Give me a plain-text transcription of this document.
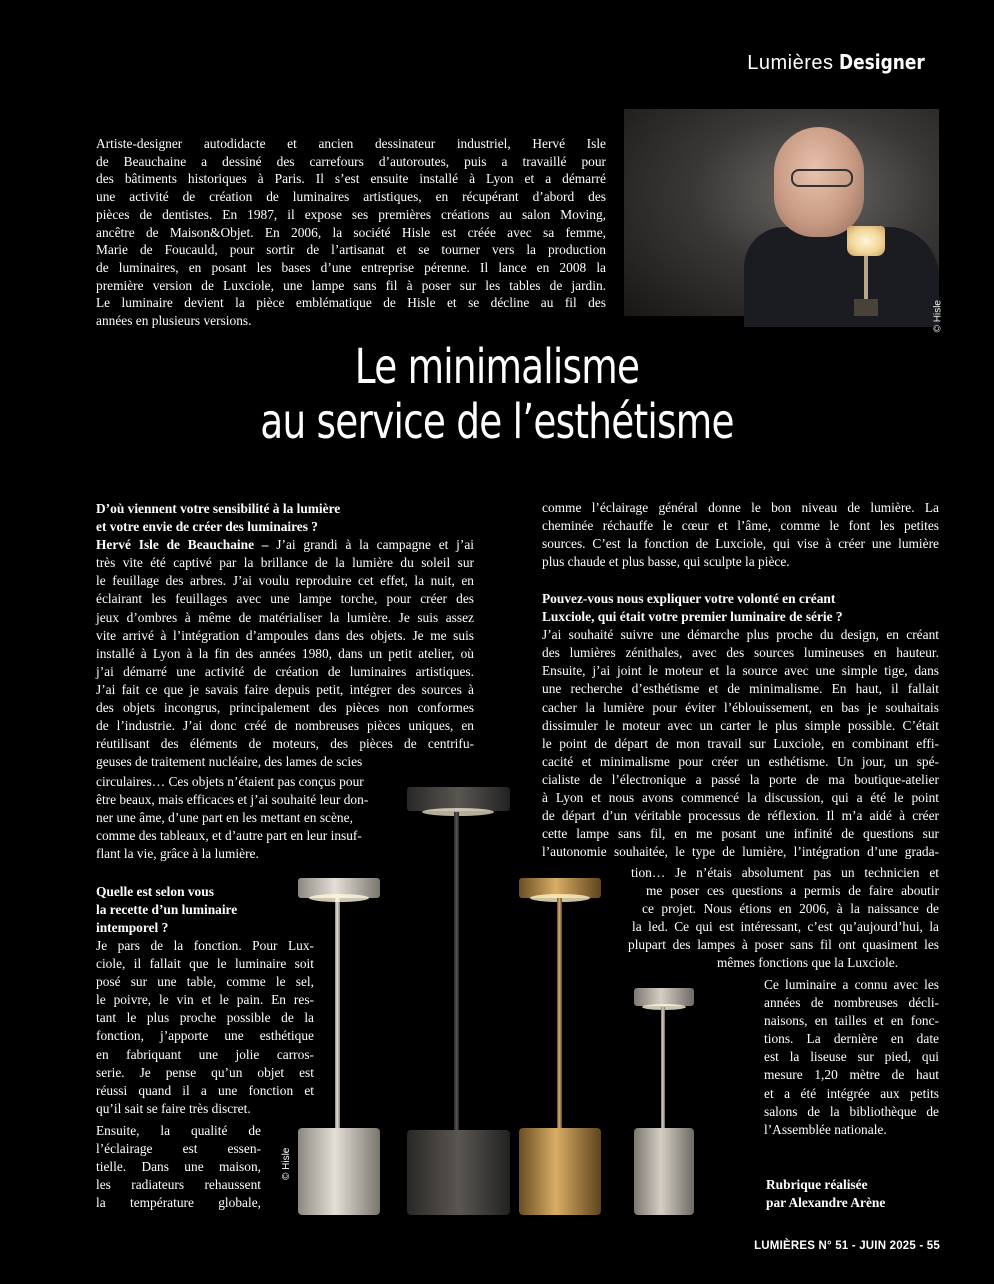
Lumières Designer
Artiste-designer autodidacte et ancien dessinateur industriel, Hervé Isle
de Beauchaine a dessiné des carrefours d’autoroutes, puis a travaillé pour
des bâtiments historiques à Paris. Il s’est ensuite installé à Lyon et a démarré
une activité de création de luminaires artistiques, en récupérant d’abord des
pièces de dentistes. En 1987, il expose ses premières créations au salon Moving,
ancêtre de Maison&Objet. En 2006, la société Hisle est créée avec sa femme,
Marie de Foucauld, pour sortir de l’artisanat et se tourner vers la production
de luminaires, en posant les bases d’une entreprise pérenne. Il lance en 2008 la
première version de Luxciole, une lampe sans fil à poser sur les tables de jardin.
Le luminaire devient la pièce emblématique de Hisle et se décline au fil des
années en plusieurs versions.	© Hisle
Le minimalisme
au service de l’esthétisme
© Hisle
D’où viennent votre sensibilité à la lumière
et votre envie de créer des luminaires ?
Hervé Isle de Beauchaine – J’ai grandi à la campagne et j’ai
très vite été captivé par la brillance de la lumière du soleil sur
le feuillage des arbres. J’ai voulu reproduire cet effet, la nuit, en
éclairant les feuillages avec une lampe torche, pour créer des
jeux d’ombres à même de matérialiser la lumière. Je suis assez
vite arrivé à l’intégration d’ampoules dans des objets. Je me suis
installé à Lyon à la fin des années 1980, dans un petit atelier, où
j’ai démarré une activité de création de luminaires artistiques.
J’ai fait ce que je savais faire depuis petit, intégrer des sources à
des objets incongrus, principalement des pièces non conformes
de l’industrie. J’ai donc créé de nombreuses pièces uniques, en
réutilisant des éléments de moteurs, des pièces de centrifu-
geuses de traitement nucléaire, des lames de scies
circulaires… Ces objets n’étaient pas conçus pour
être beaux, mais efficaces et j’ai souhaité leur don-
ner une âme, d’une part en les mettant en scène,
comme des tableaux, et d’autre part en leur insuf-
flant la vie, grâce à la lumière.
Quelle est selon vous
la recette d’un luminaire
intemporel ?
Je pars de la fonction. Pour Lux-
ciole, il fallait que le luminaire soit
posé sur une table, comme le sel,
le poivre, le vin et le pain. En res-
tant le plus proche possible de la
fonction, j’apporte une esthétique
en fabriquant une jolie carros-
serie. Je pense qu’un objet est
réussi quand il a une fonction et
qu’il sait se faire très discret.
Ensuite, la qualité de
l’éclairage est essen-
tielle. Dans une maison,
les radiateurs rehaussent
la température globale,
comme l’éclairage général donne le bon niveau de lumière. La
cheminée réchauffe le cœur et l’âme, comme le font les petites
sources. C’est la fonction de Luxciole, qui vise à créer une lumière
plus chaude et plus basse, qui sculpte la pièce.
Pouvez-vous nous expliquer votre volonté en créant
Luxciole, qui était votre premier luminaire de série ?
J’ai souhaité suivre une démarche plus proche du design, en créant
des lumières zénithales, avec des sources lumineuses en hauteur.
Ensuite, j’ai joint le moteur et la source avec une simple tige, dans
une recherche d’esthétisme et de minimalisme. En haut, il fallait
cacher la lumière pour éviter l’éblouissement, en bas je souhaitais
dissimuler le moteur avec un carter le plus simple possible. C’était
le point de départ de mon travail sur Luxciole, en combinant effi-
cacité et minimalisme pour créer un esthétisme. Un jour, un spé-
cialiste de l’électronique a passé la porte de ma boutique-atelier
à Lyon et nous avons commencé la discussion, qui a été le point
de départ d’un véritable processus de réflexion. Il m’a aidé à créer
cette lampe sans fil, en me posant une infinité de questions sur
l’autonomie souhaitée, le type de lumière, l’intégration d’une grada-
tion… Je n’étais absolument pas un technicien et
me poser ces questions a permis de faire aboutir
ce projet. Nous étions en 2006, à la naissance de
la led. Ce qui est intéressant, c’est qu’aujourd’hui, la
plupart des lampes à poser sans fil ont quasiment les
mêmes fonctions que la Luxciole.
Ce luminaire a connu avec les
années de nombreuses décli-
naisons, en tailles et en fonc-
tions. La dernière en date
est la liseuse sur pied, qui
mesure 1,20 mètre de haut
et a été intégrée aux petits
salons de la bibliothèque de
l’Assemblée nationale.
Rubrique réalisée
par Alexandre Arène
LUMIÈRES N° 51 - JUIN 2025 - 55
